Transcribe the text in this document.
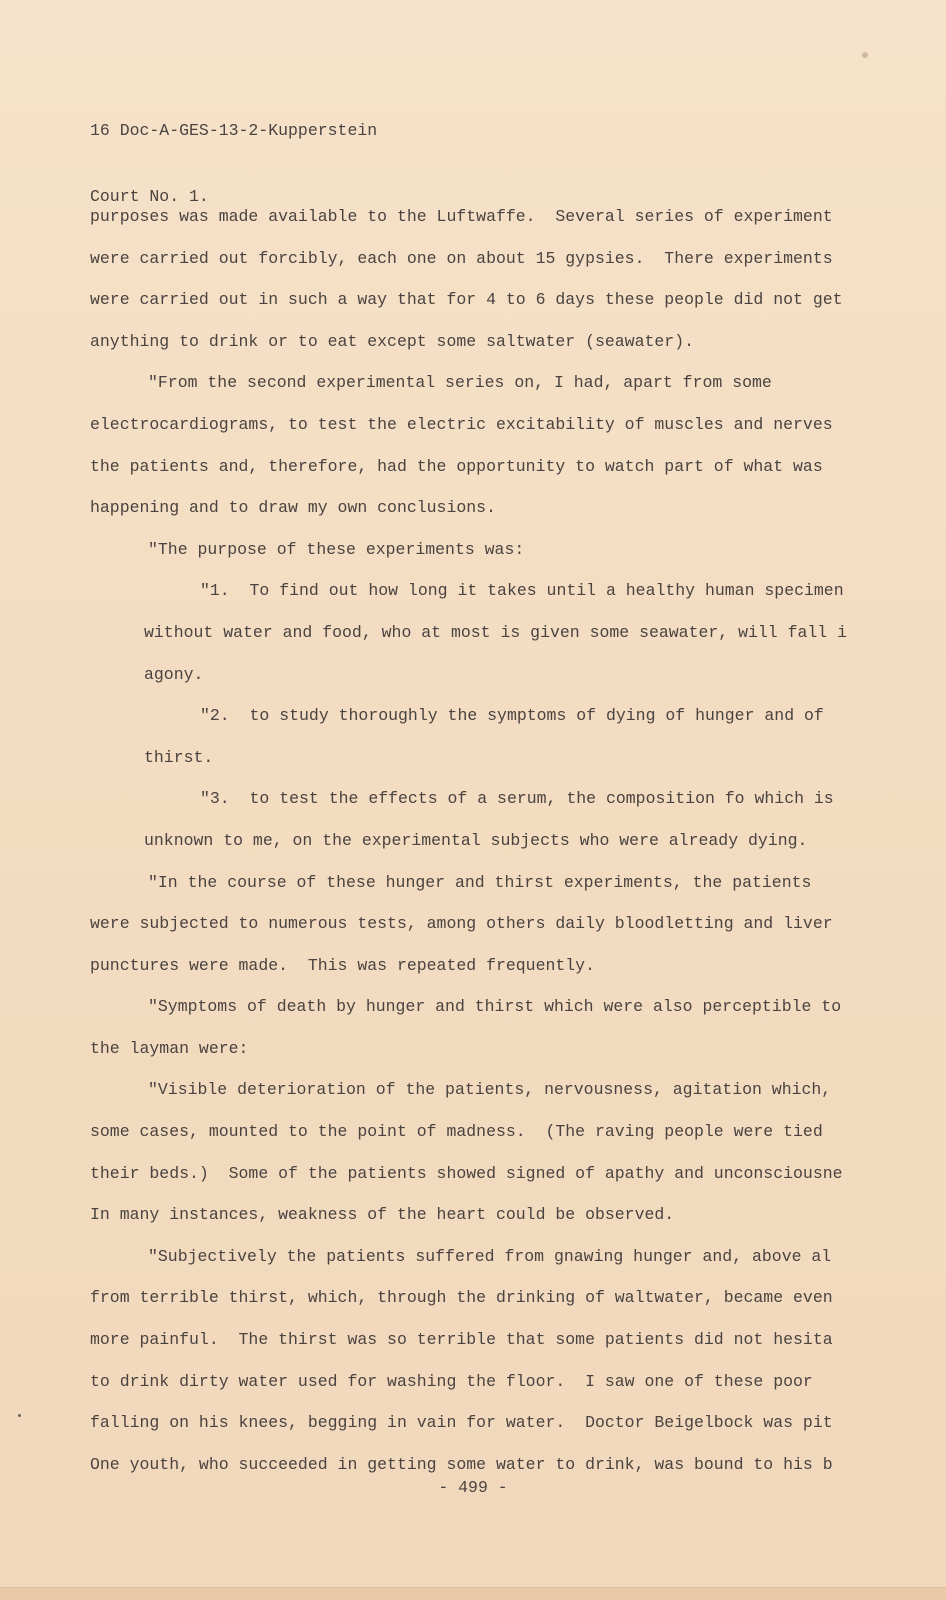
16 Doc-A-GES-13-2-Kupperstein

Court No. 1.

purposes was made available to the Luftwaffe.  Several series of experiment
were carried out forcibly, each one on about 15 gypsies.  There experiments
were carried out in such a way that for 4 to 6 days these people did not get
anything to drink or to eat except some saltwater (seawater).
"From the second experimental series on, I had, apart from some
electrocardiograms, to test the electric excitability of muscles and nerves
the patients and, therefore, had the opportunity to watch part of what was
happening and to draw my own conclusions.
"The purpose of these experiments was:
"1.  To find out how long it takes until a healthy human specimen
without water and food, who at most is given some seawater, will fall i
agony.
"2.  to study thoroughly the symptoms of dying of hunger and of
thirst.
"3.  to test the effects of a serum, the composition fo which is
unknown to me, on the experimental subjects who were already dying.
"In the course of these hunger and thirst experiments, the patients
were subjected to numerous tests, among others daily bloodletting and liver
punctures were made.  This was repeated frequently.
"Symptoms of death by hunger and thirst which were also perceptible to
the layman were:
"Visible deterioration of the patients, nervousness, agitation which,
some cases, mounted to the point of madness.  (The raving people were tied
their beds.)  Some of the patients showed signed of apathy and unconsciousne
In many instances, weakness of the heart could be observed.
"Subjectively the patients suffered from gnawing hunger and, above al
from terrible thirst, which, through the drinking of waltwater, became even
more painful.  The thirst was so terrible that some patients did not hesita
to drink dirty water used for washing the floor.  I saw one of these poor
falling on his knees, begging in vain for water.  Doctor Beigelbock was pit
One youth, who succeeded in getting some water to drink, was bound to his b
- 499 -
